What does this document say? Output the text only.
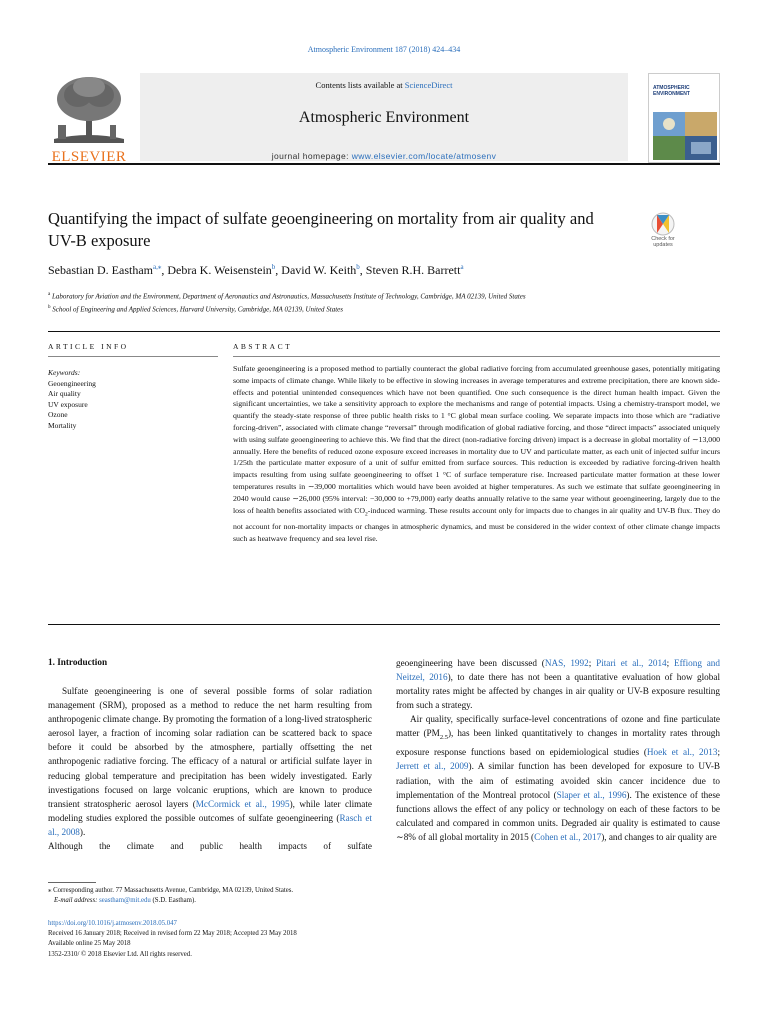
Atmospheric Environment 187 (2018) 424–434
ELSEVIER
Contents lists available at ScienceDirect
Atmospheric Environment
journal homepage: www.elsevier.com/locate/atmosenv
ATMOSPHERIC
ENVIRONMENT
Quantifying the impact of sulfate geoengineering on mortality from air quality and UV-B exposure	Check for
updates
Sebastian D. Eastham$^{a,⁎}$, Debra K. Weisenstein$^b$, David W. Keith$^b$, Steven R.H. Barrett$^a$
$^a$ Laboratory for Aviation and the Environment, Department of Aeronautics and Astronautics, Massachusetts Institute of Technology, Cambridge, MA 02139, United States
$^b$ School of Engineering and Applied Sciences, Harvard University, Cambridge, MA 02139, United States
ARTICLE INFO	ABSTRACT
Keywords:
Geoengineering
Air quality
UV exposure
Ozone
Mortality
Sulfate geoengineering is a proposed method to partially counteract the global radiative forcing from accumulated greenhouse gases, potentially mitigating some impacts of climate change. While likely to be effective in slowing increases in average temperatures and extreme precipitation, there are known side-effects and potential unintended consequences which have not been quantified. One such consequence is the direct human health impact. Given the significant uncertainties, we take a sensitivity approach to explore the mechanisms and range of potential impacts. Using a chemistry-transport model, we quantify the steady-state response of three public health risks to 1 °C global mean surface cooling. We separate impacts into those which are “radiative forcing-driven”, associated with climate change “reversal” through modification of global radiative forcing, and those “direct impacts” associated uniquely with using sulfate geoengineering to achieve this. We find that the direct (non-radiative forcing driven) impact is a decrease in global mortality of ∼13,000 annually. Here the benefits of reduced ozone exposure exceed increases in mortality due to UV and particulate matter, as each unit of injected sulfur incurs 1/25th the particulate matter exposure of a unit of sulfur emitted from surface sources. This reduction is exceeded by radiative forcing-driven health impacts resulting from using sulfate geoengineering to offset 1 °C of surface temperature rise. Increased particulate matter formation at these lower temperatures results in ∼39,000 mortalities which would have been avoided at higher temperatures. As such we estimate that sulfate geoengineering in 2040 would cause ∼26,000 (95% interval: −30,000 to +79,000) early deaths annually relative to the same year without geoengineering, largely due to the loss of health benefits associated with $CO_2$-induced warming. These results account only for impacts due to changes in air quality and UV-B flux. They do not account for non-mortality impacts or changes in atmospheric dynamics, and must be considered in the wider context of other climate change impacts such as heatwave frequency and sea level rise.
1. Introduction

Sulfate geoengineering is one of several possible forms of solar radiation management (SRM), proposed as a method to reduce the net harm resulting from anthropogenic climate change. By promoting the formation of a long-lived stratospheric aerosol layer, a fraction of incoming solar radiation can be scattered back to space before it could be absorbed by the atmosphere, partially offsetting the net anthropogenic radiative forcing. The efficacy of a natural or artificial sulfate layer in reducing global temperature and precipitation has been widely investigated. Early investigations focused on large volcanic eruptions, which are known to produce transient stratospheric aerosol layers (McCormick et al., 1995), while later climate modeling studies explored the possible outcomes of sulfate geoengineering (Rasch et al., 2008).

Although the climate and public health impacts of sulfate

geoengineering have been discussed (NAS, 1992; Pitari et al., 2014; Effiong and Neitzel, 2016), to date there has not been a quantitative evaluation of how global mortality rates might be affected by changes in air quality or UV-B exposure resulting from such a strategy.

Air quality, specifically surface-level concentrations of ozone and fine particulate matter $(PM_{2.5})$, has been linked quantitatively to changes in mortality rates through exposure response functions based on epidemiological studies (Hoek et al., 2013; Jerrett et al., 2009). A similar function has been developed for exposure to UV-B radiation, with the aim of estimating avoided skin cancer incidence due to implementation of the Montreal protocol (Slaper et al., 1996). The existence of these functions allows the effect of any policy or technology on each of these factors to be calculated and compared in common units. Degraded air quality is estimated to cause ∼8% of all global mortality in 2015 (Cohen et al., 2017), and changes to air quality are

⁎ Corresponding author. 77 Massachusetts Avenue, Cambridge, MA 02139, United States.
E-mail address: seastham@mit.edu (S.D. Eastham).
https://doi.org/10.1016/j.atmosenv.2018.05.047
Received 16 January 2018; Received in revised form 22 May 2018; Accepted 23 May 2018
Available online 25 May 2018
1352-2310/ © 2018 Elsevier Ltd. All rights reserved.
